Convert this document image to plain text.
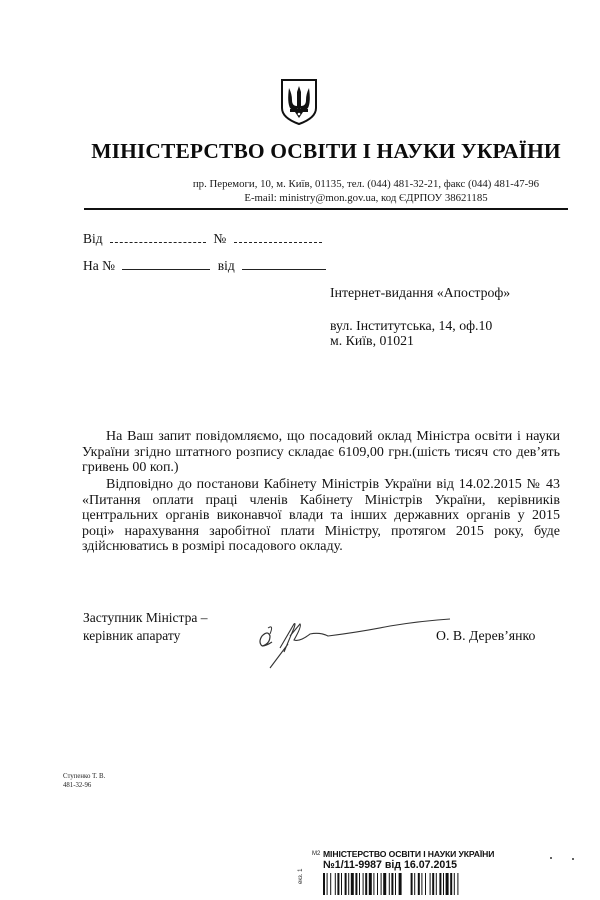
МІНІСТЕРСТВО ОСВІТИ І НАУКИ УКРАЇНИ
пр. Перемоги, 10, м. Київ, 01135, тел. (044) 481-32-21, факс (044) 481-47-96
E-mail: ministry@mon.gov.ua, код ЄДРПОУ 38621185
Від	№
На №	від
Інтернет-видання «Апостроф»
вул. Інститутська, 14, оф.10
м. Київ, 01021
На Ваш запит повідомляємо, що посадовий оклад Міністра освіти і науки України згідно штатного розпису складає 6109,00 грн.(шість тисяч сто дев’ять гривень 00 коп.)
Відповідно до постанови Кабінету Міністрів України від 14.02.2015 № 43 «Питання оплати праці членів Кабінету Міністрів України, керівників центральних органів виконавчої влади та інших державних органів у 2015 році» нарахування заробітної плати Міністру, протягом 2015 року, буде здійснюватись в розмірі посадового окладу.
Заступник Міністра –
керівник апарату	О. В. Дерев’янко
Ступенко Т. В.
481-32-96
М2 МІНІСТЕРСТВО ОСВІТИ І НАУКИ УКРАЇНИ
№1/11-9987 від 16.07.2015
екз. 1
